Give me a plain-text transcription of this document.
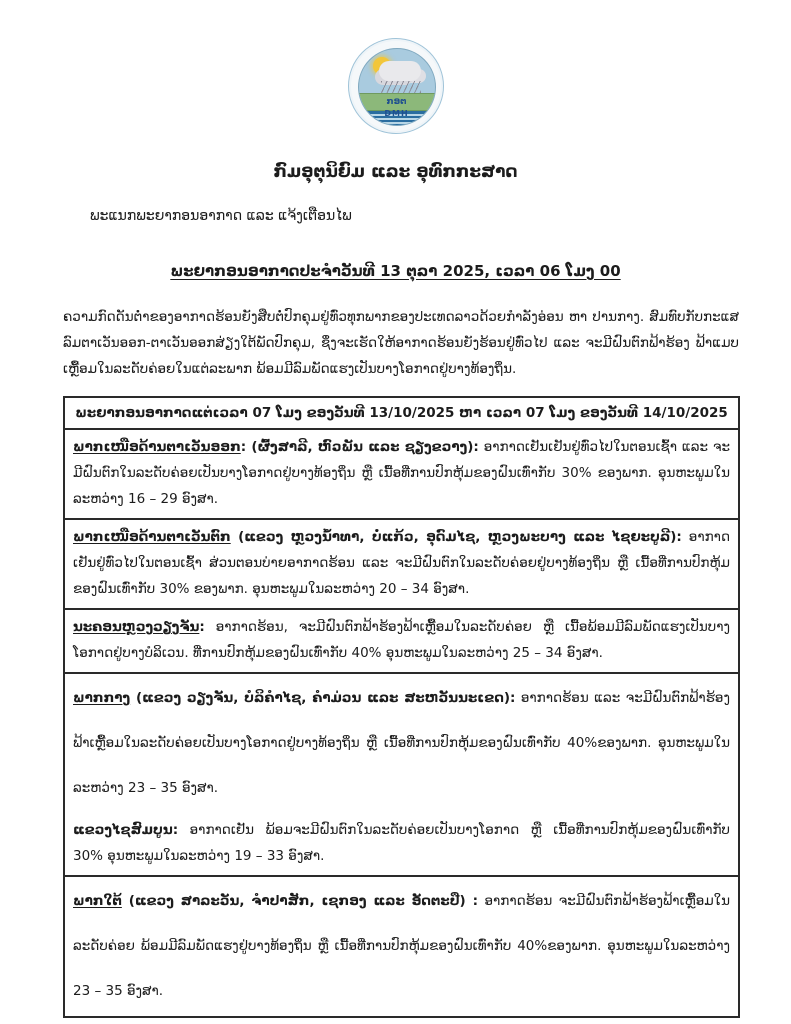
ກອຕ
DMH
ກົມອຸຕຸນິຍົມ ແລະ ອຸທົກກະສາດ
ພະແນກພະຍາກອນອາກາດ ແລະ ແຈ້ງເຕືອນໄພ
ພະຍາກອນອາກາດປະຈຳວັນທີ 13 ຕຸລາ 2025, ເວລາ 06 ໂມງ 00
ຄວາມກົດດັນຕ່ຳຂອງອາກາດຮ້ອນຍັງສືບຕໍ່ປົກຄຸມຢູ່ທົ່ວທຸກພາກຂອງປະເທດລາວດ້ວຍກຳລັງອ່ອນ ຫາ ປານກາງ. ສົມທົບກັບກະແສລົມຕາເວັນອອກ-ຕາເວັນອອກສ່ຽງໃຕ້ພັດປົກຄຸມ, ຊຶ່ງຈະເຮັດໃຫ້ອາກາດຮ້ອນຍັງຮ້ອນຢູ່ທົ່ວໄປ ແລະ ຈະມີຝົນຕົກຟ້າຮ້ອງ ຟ້າແມບເຫຼື້ອມໃນລະດັບຄ່ອຍໃນແຕ່ລະພາກ ພ້ອມມີລົມພັດແຮງເປັນບາງໂອກາດຢູ່ບາງທ້ອງຖິ່ນ.
ພະຍາກອນອາກາດແຕ່ເວລາ 07 ໂມງ ຂອງວັນທີ 13/10/2025 ຫາ ເວລາ 07 ໂມງ ຂອງວັນທີ 14/10/2025
ພາກເໜືອດ້ານຕາເວັນອອກ: (ຜົ້ງສາລີ, ຫົວພັນ ແລະ ຊຽງຂວາງ): ອາກາດເຢັນເຢັນຢູ່ທົ່ວໄປໃນຕອນເຊົ້າ ແລະ ຈະມີຝົນຕົກໃນລະດັບຄ່ອຍເປັນບາງໂອກາດຢູ່ບາງທ້ອງຖິ່ນ ຫຼື ເນື້ອທີ່ການປົກຫຸ້ມຂອງຝົນເທົ່າກັບ 30% ຂອງພາກ. ອຸນຫະພູມໃນລະຫວ່າງ 16 – 29 ອົງສາ.
ພາກເໜືອດ້ານຕາເວັນຕົກ (ແຂວງ ຫຼວງນ້ຳທາ, ບໍ່ແກ້ວ, ອຸດົມໄຊ, ຫຼວງພະບາງ ແລະ ໄຊຍະບູລີ): ອາກາດເຢັນຢູ່ທົ່ວໄປໃນຕອນເຊົ້າ ສ່ວນຕອນບ່າຍອາກາດຮ້ອນ ແລະ ຈະມີຝົນຕົກໃນລະດັບຄ່ອຍຢູ່ບາງທ້ອງຖິ່ນ ຫຼື ເນື້ອທີ່ການປົກຫຸ້ມຂອງຝົນເທົ່າກັບ 30% ຂອງພາກ. ອຸນຫະພູມໃນລະຫວ່າງ 20 – 34 ອົງສາ.
ນະຄອນຫຼວງວຽງຈັນ: ອາກາດຮ້ອນ, ຈະມີຝົນຕົກຟ້າຮ້ອງຟ້າເຫຼື້ອມໃນລະດັບຄ່ອຍ ຫຼື ເນື້ອພ້ອມມີລົມພັດແຮງເປັນບາງໂອກາດຢູ່ບາງບໍລິເວນ. ທີ່ການປົກຫຸ້ມຂອງຝົນເທົ່າກັບ 40% ອຸນຫະພູມໃນລະຫວ່າງ 25 – 34 ອົງສາ.
ພາກກາງ (ແຂວງ ວຽງຈັນ, ບໍລິຄຳໄຊ, ຄຳມ່ວນ ແລະ ສະຫວັນນະເຂດ): ອາກາດຮ້ອນ ແລະ ຈະມີຝົນຕົກຟ້າຮ້ອງຟ້າເຫຼື້ອມໃນລະດັບຄ່ອຍເປັນບາງໂອກາດຢູ່ບາງທ້ອງຖິ່ນ ຫຼື ເນື້ອທີ່ການປົກຫຸ້ມຂອງຝົນເທົ່າກັບ 40%ຂອງພາກ. ອຸນຫະພູມໃນລະຫວ່າງ 23 – 35 ອົງສາ.
ແຂວງໄຊສົມບູນ: ອາກາດເຢັນ ພ້ອມຈະມີຝົນຕົກໃນລະດັບຄ່ອຍເປັນບາງໂອກາດ ຫຼື ເນື້ອທີ່ການປົກຫຸ້ມຂອງຝົນເທົ່າກັບ 30% ອຸນຫະພູມໃນລະຫວ່າງ 19 – 33 ອົງສາ.
ພາກໃຕ້ (ແຂວງ ສາລະວັນ, ຈຳປາສັກ, ເຊກອງ ແລະ ອັດຕະປື) : ອາກາດຮ້ອນ ຈະມີຝົນຕົກຟ້າຮ້ອງຟ້າເຫຼື້ອມໃນລະດັບຄ່ອຍ ພ້ອມມີລົມພັດແຮງຢູ່ບາງທ້ອງຖິ່ນ ຫຼື ເນື້ອທີ່ການປົກຫຸ້ມຂອງຝົນເທົ່າກັບ 40%ຂອງພາກ. ອຸນຫະພູມໃນລະຫວ່າງ 23 – 35 ອົງສາ.
